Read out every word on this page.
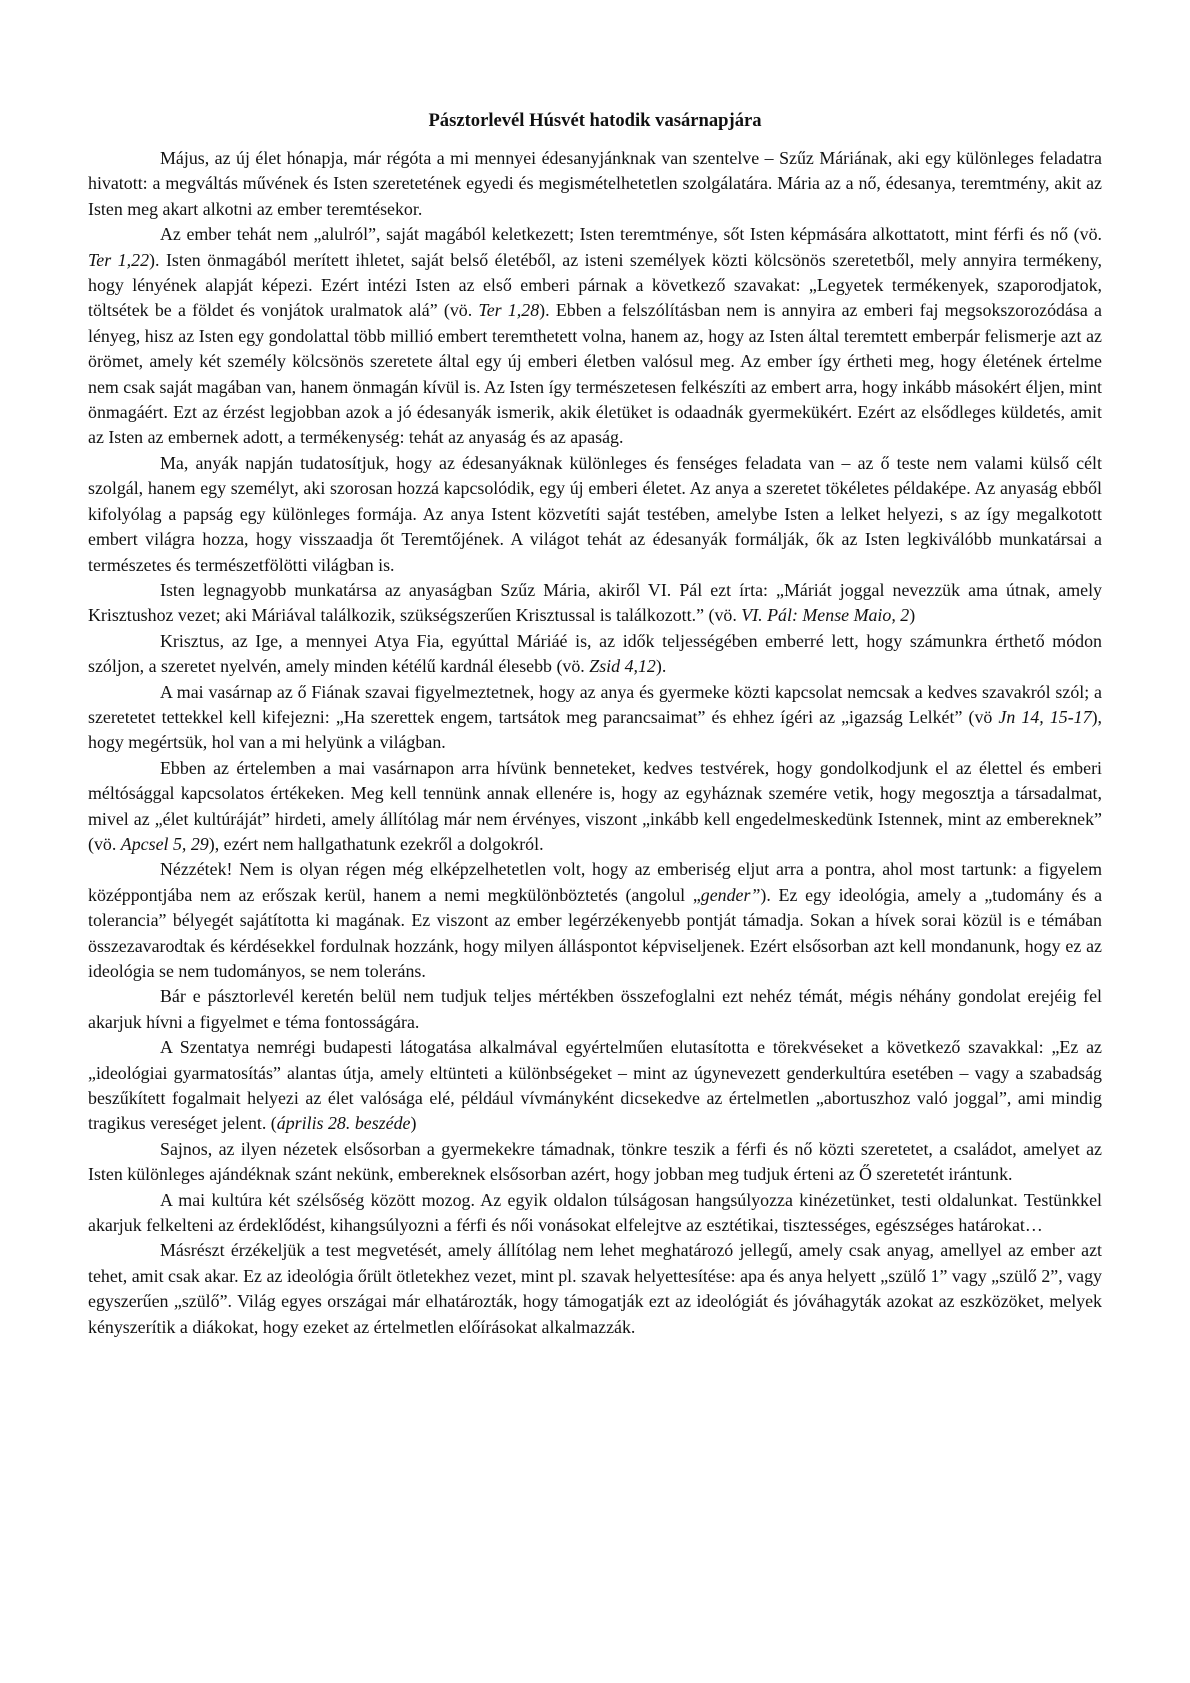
Pásztorlevél Húsvét hatodik vasárnapjára

Május, az új élet hónapja, már régóta a mi mennyei édesanyjánknak van szentelve – Szűz Máriának, aki egy különleges feladatra hivatott: a megváltás művének és Isten szeretetének egyedi és megismételhetetlen szolgálatára. Mária az a nő, édesanya, teremtmény, akit az Isten meg akart alkotni az ember teremtésekor.

Az ember tehát nem „alulról”, saját magából keletkezett; Isten teremtménye, sőt Isten képmására alkottatott, mint férfi és nő (vö. Ter 1,22). Isten önmagából merített ihletet, saját belső életéből, az isteni személyek közti kölcsönös szeretetből, mely annyira termékeny, hogy lényének alapját képezi. Ezért intézi Isten az első emberi párnak a következő szavakat: „Legyetek termékenyek, szaporodjatok, töltsétek be a földet és vonjátok uralmatok alá” (vö. Ter 1,28). Ebben a felszólításban nem is annyira az emberi faj megsokszorozódása a lényeg, hisz az Isten egy gondolattal több millió embert teremthetett volna, hanem az, hogy az Isten által teremtett emberpár felismerje azt az örömet, amely két személy kölcsönös szeretete által egy új emberi életben valósul meg. Az ember így értheti meg, hogy életének értelme nem csak saját magában van, hanem önmagán kívül is. Az Isten így természetesen felkészíti az embert arra, hogy inkább másokért éljen, mint önmagáért. Ezt az érzést legjobban azok a jó édesanyák ismerik, akik életüket is odaadnák gyermekükért. Ezért az elsődleges küldetés, amit az Isten az embernek adott, a termékenység: tehát az anyaság és az apaság.

Ma, anyák napján tudatosítjuk, hogy az édesanyáknak különleges és fenséges feladata van – az ő teste nem valami külső célt szolgál, hanem egy személyt, aki szorosan hozzá kapcsolódik, egy új emberi életet. Az anya a szeretet tökéletes példaképe. Az anyaság ebből kifolyólag a papság egy különleges formája. Az anya Istent közvetíti saját testében, amelybe Isten a lelket helyezi, s az így megalkotott embert világra hozza, hogy visszaadja őt Teremtőjének. A világot tehát az édesanyák formálják, ők az Isten legkiválóbb munkatársai a természetes és természetfölötti világban is.

Isten legnagyobb munkatársa az anyaságban Szűz Mária, akiről VI. Pál ezt írta: „Máriát joggal nevezzük ama útnak, amely Krisztushoz vezet; aki Máriával találkozik, szükségszerűen Krisztussal is találkozott.” (vö. VI. Pál: Mense Maio, 2)

Krisztus, az Ige, a mennyei Atya Fia, egyúttal Máriáé is, az idők teljességében emberré lett, hogy számunkra érthető módon szóljon, a szeretet nyelvén, amely minden kétélű kardnál élesebb (vö. Zsid 4,12).

A mai vasárnap az ő Fiának szavai figyelmeztetnek, hogy az anya és gyermeke közti kapcsolat nemcsak a kedves szavakról szól; a szeretetet tettekkel kell kifejezni: „Ha szerettek engem, tartsátok meg parancsaimat” és ehhez ígéri az „igazság Lelkét” (vö Jn 14, 15-17), hogy megértsük, hol van a mi helyünk a világban.

Ebben az értelemben a mai vasárnapon arra hívünk benneteket, kedves testvérek, hogy gondolkodjunk el az élettel és emberi méltósággal kapcsolatos értékeken. Meg kell tennünk annak ellenére is, hogy az egyháznak szemére vetik, hogy megosztja a társadalmat, mivel az „élet kultúráját” hirdeti, amely állítólag már nem érvényes, viszont „inkább kell engedelmeskedünk Istennek, mint az embereknek” (vö. Apcsel 5, 29), ezért nem hallgathatunk ezekről a dolgokról.

Nézzétek! Nem is olyan régen még elképzelhetetlen volt, hogy az emberiség eljut arra a pontra, ahol most tartunk: a figyelem középpontjába nem az erőszak kerül, hanem a nemi megkülönböztetés (angolul „gender”). Ez egy ideológia, amely a „tudomány és a tolerancia” bélyegét sajátította ki magának. Ez viszont az ember legérzékenyebb pontját támadja. Sokan a hívek sorai közül is e témában összezavarodtak és kérdésekkel fordulnak hozzánk, hogy milyen álláspontot képviseljenek. Ezért elsősorban azt kell mondanunk, hogy ez az ideológia se nem tudományos, se nem toleráns.

Bár e pásztorlevél keretén belül nem tudjuk teljes mértékben összefoglalni ezt nehéz témát, mégis néhány gondolat erejéig fel akarjuk hívni a figyelmet e téma fontosságára.

A Szentatya nemrégi budapesti látogatása alkalmával egyértelműen elutasította e törekvéseket a következő szavakkal: „Ez az „ideológiai gyarmatosítás” alantas útja, amely eltünteti a különbségeket – mint az úgynevezett genderkultúra esetében – vagy a szabadság beszűkített fogalmait helyezi az élet valósága elé, például vívmányként dicsekedve az értelmetlen „abortuszhoz való joggal”, ami mindig tragikus vereséget jelent. (április 28. beszéde)

Sajnos, az ilyen nézetek elsősorban a gyermekekre támadnak, tönkre teszik a férfi és nő közti szeretetet, a családot, amelyet az Isten különleges ajándéknak szánt nekünk, embereknek elsősorban azért, hogy jobban meg tudjuk érteni az Ő szeretetét irántunk.

A mai kultúra két szélsőség között mozog. Az egyik oldalon túlságosan hangsúlyozza kinézetünket, testi oldalunkat. Testünkkel akarjuk felkelteni az érdeklődést, kihangsúlyozni a férfi és női vonásokat elfelejtve az esztétikai, tisztességes, egészséges határokat…

Másrészt érzékeljük a test megvetését, amely állítólag nem lehet meghatározó jellegű, amely csak anyag, amellyel az ember azt tehet, amit csak akar. Ez az ideológia őrült ötletekhez vezet, mint pl. szavak helyettesítése: apa és anya helyett „szülő 1” vagy „szülő 2”, vagy egyszerűen „szülő”. Világ egyes országai már elhatározták, hogy támogatják ezt az ideológiát és jóváhagyták azokat az eszközöket, melyek kényszerítik a diákokat, hogy ezeket az értelmetlen előírásokat alkalmazzák.
